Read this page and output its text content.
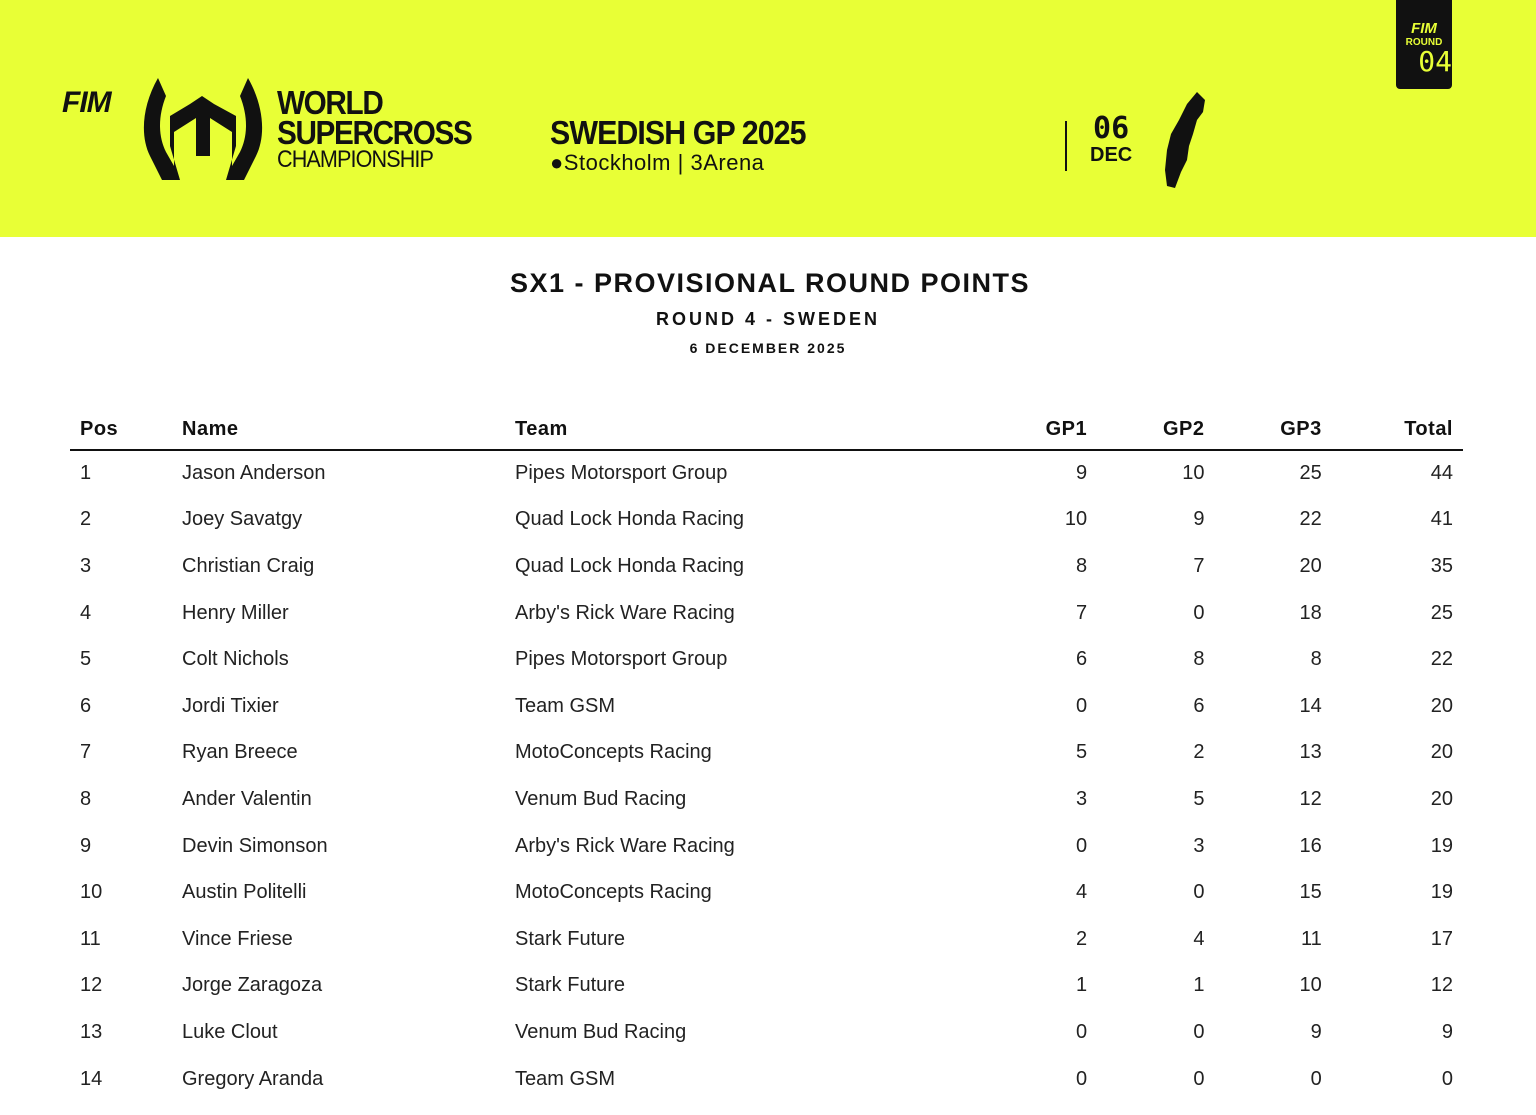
FIM	WORLD
SUPERCROSS
CHAMPIONSHIP
SWEDISH GP 2025
●Stockholm | 3Arena
06
DEC
FIM
ROUND
04
SX1 - PROVISIONAL ROUND POINTS
ROUND 4 - SWEDEN
6 DECEMBER 2025
Pos	Name	Team	GP1	GP2	GP3	Total
1	Jason Anderson	Pipes Motorsport Group	9	10	25	44
2	Joey Savatgy	Quad Lock Honda Racing	10	9	22	41
3	Christian Craig	Quad Lock Honda Racing	8	7	20	35
4	Henry Miller	Arby's Rick Ware Racing	7	0	18	25
5	Colt Nichols	Pipes Motorsport Group	6	8	8	22
6	Jordi Tixier	Team GSM	0	6	14	20
7	Ryan Breece	MotoConcepts Racing	5	2	13	20
8	Ander Valentin	Venum Bud Racing	3	5	12	20
9	Devin Simonson	Arby's Rick Ware Racing	0	3	16	19
10	Austin Politelli	MotoConcepts Racing	4	0	15	19
11	Vince Friese	Stark Future	2	4	11	17
12	Jorge Zaragoza	Stark Future	1	1	10	12
13	Luke Clout	Venum Bud Racing	0	0	9	9
14	Gregory Aranda	Team GSM	0	0	0	0
